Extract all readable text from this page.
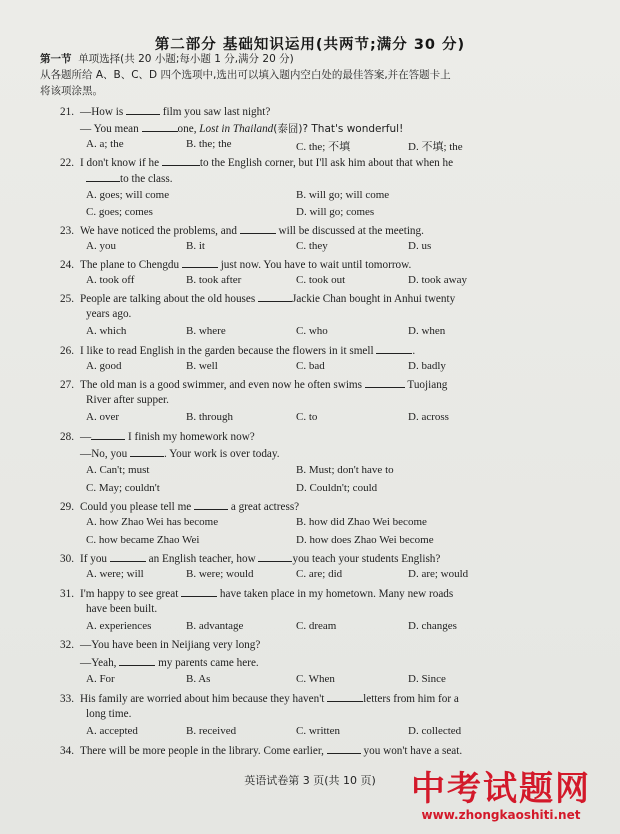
第二部分 基础知识运用(共两节;满分 30 分)
第一节 单项选择(共 20 小题;每小题 1 分,满分 20 分)
从各题所给 A、B、C、D 四个选项中,选出可以填入题内空白处的最佳答案,并在答题卡上
将该项涂黑。
21. —How is	film you saw last night?
— You mean	one, Lost in Thailand(泰囧)? That's wonderful!
A. a; the	B. the; the	C. the; 不填	D. 不填; the
22. I don't know if he	to the English corner, but I'll ask him about that when he
to the class.
A. goes; will come	B. will go; will come
C. goes; comes	D. will go; comes
23. We have noticed the problems, and	will be discussed at the meeting.
A. you	B. it	C. they	D. us
24. The plane to Chengdu	just now. You have to wait until tomorrow.
A. took off	B. took after	C. took out	D. took away
25. People are talking about the old houses	Jackie Chan bought in Anhui twenty
years ago.
A. which	B. where	C. who	D. when
26. I like to read English in the garden because the flowers in it smell	.
A. good	B. well	C. bad	D. badly
27. The old man is a good swimmer, and even now he often swims	Tuojiang
River after supper.
A. over	B. through	C. to	D. across
28. —	I finish my homework now?
—No, you	. Your work is over today.
A. Can't; must	B. Must; don't have to
C. May; couldn't	D. Couldn't; could
29. Could you please tell me	a great actress?
A. how Zhao Wei has become	B. how did Zhao Wei become
C. how became Zhao Wei	D. how does Zhao Wei become
30. If you	an English teacher, how	you teach your students English?
A. were; will	B. were; would	C. are; did	D. are; would
31. I'm happy to see great	have taken place in my hometown. Many new roads
have been built.
A. experiences	B. advantage	C. dream	D. changes
32. —You have been in Neijiang very long?
—Yeah,	my parents came here.
A. For	B. As	C. When	D. Since
33. His family are worried about him because they haven't	letters from him for a
long time.
A. accepted	B. received	C. written	D. collected
34. There will be more people in the library. Come earlier,	you won't have a seat.
英语试卷第 3 页(共 10 页)	中考试题网
www.zhongkaoshiti.net
